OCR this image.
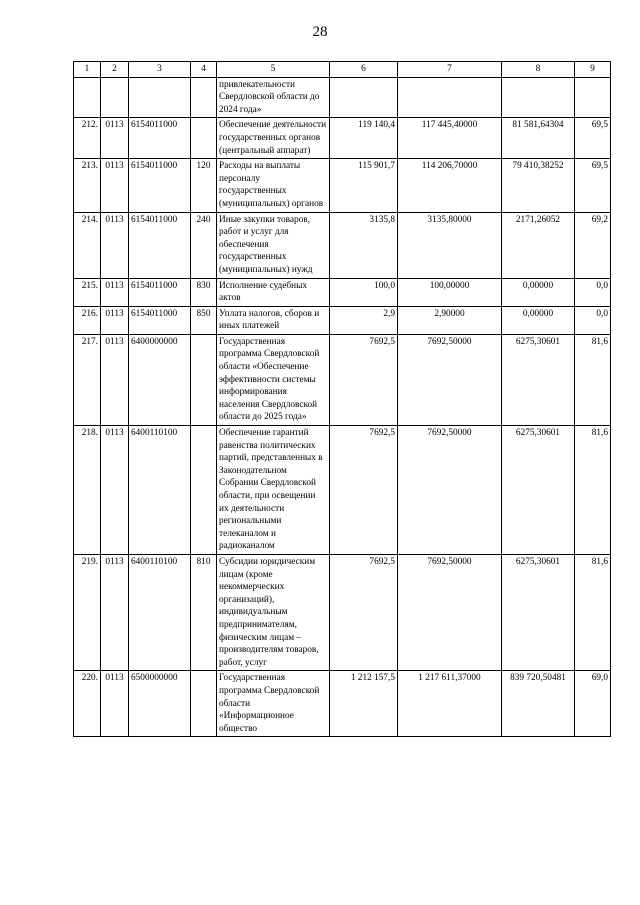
28
1	2	3	4	5	6	7	8	9
				привлекательности Свердловской области до 2024 года»				
212.	0113	6154011000		Обеспечение деятельности государственных органов (центральный аппарат)	119 140,4	117 445,40000	81 581,64304	69,5
213.	0113	6154011000	120	Расходы на выплаты персоналу государственных (муниципальных) органов	115 901,7	114 206,70000	79 410,38252	69,5
214.	0113	6154011000	240	Иные закупки товаров, работ и услуг для обеспечения государственных (муниципальных) нужд	3135,8	3135,80000	2171,26052	69,2
215.	0113	6154011000	830	Исполнение судебных актов	100,0	100,00000	0,00000	0,0
216.	0113	6154011000	850	Уплата налогов, сборов и иных платежей	2,9	2,90000	0,00000	0,0
217.	0113	6400000000		Государственная программа Свердловской области «Обеспечение эффективности системы информирования населения Свердловской области до 2025 года»	7692,5	7692,50000	6275,30601	81,6
218.	0113	6400110100		Обеспечение гарантий равенства политических партий, представленных в Законодательном Собрании Свердловской области, при освещении их деятельности региональными телеканалом и радиоканалом	7692,5	7692,50000	6275,30601	81,6
219.	0113	6400110100	810	Субсидии юридическим лицам (кроме некоммерческих организаций), индивидуальным предпринимателям, физическим лицам – производителям товаров, работ, услуг	7692,5	7692,50000	6275,30601	81,6
220.	0113	6500000000		Государственная программа Свердловской области «Информационное общество	1 212 157,5	1 217 611,37000	839 720,50481	69,0
